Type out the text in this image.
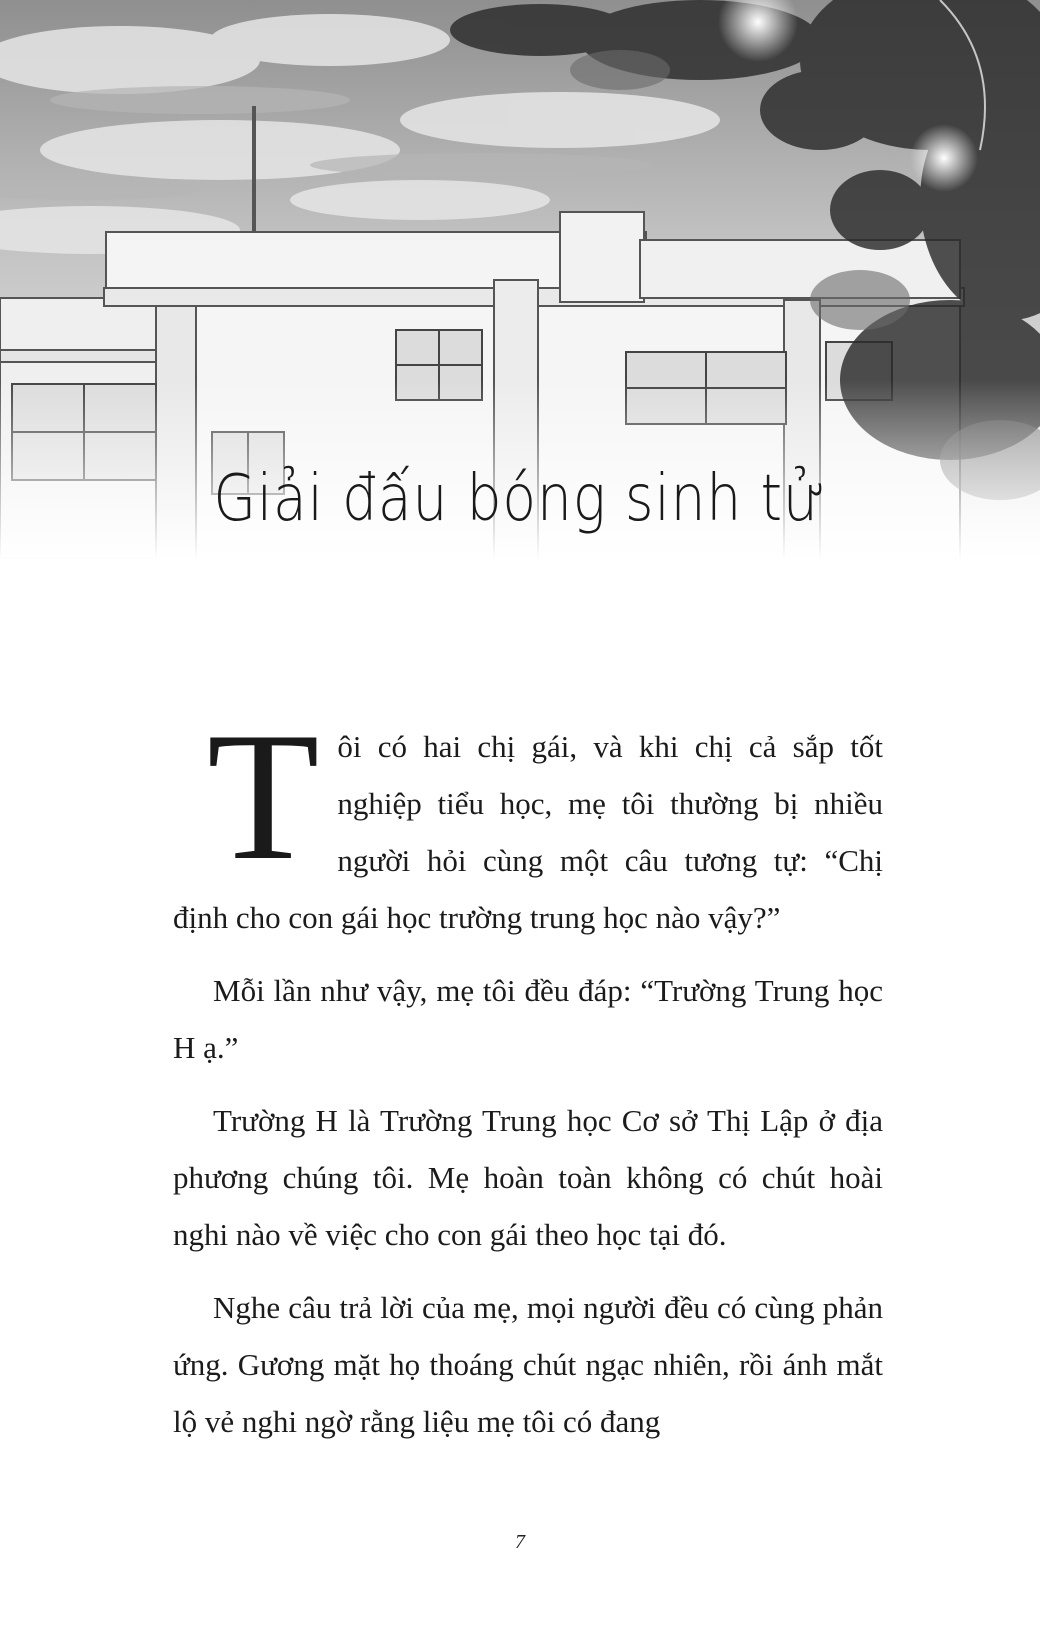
Giải đấu bóng sinh tử

T ôi có hai chị gái, và khi chị cả sắp tốt nghiệp tiểu học, mẹ tôi thường bị nhiều người hỏi cùng một câu tương tự: “Chị định cho con gái học trường trung học nào vậy?”

Mỗi lần như vậy, mẹ tôi đều đáp: “Trường Trung học H ạ.”

Trường H là Trường Trung học Cơ sở Thị Lập ở địa phương chúng tôi. Mẹ hoàn toàn không có chút hoài nghi nào về việc cho con gái theo học tại đó.

Nghe câu trả lời của mẹ, mọi người đều có cùng phản ứng. Gương mặt họ thoáng chút ngạc nhiên, rồi ánh mắt lộ vẻ nghi ngờ rằng liệu mẹ tôi có đang

7
